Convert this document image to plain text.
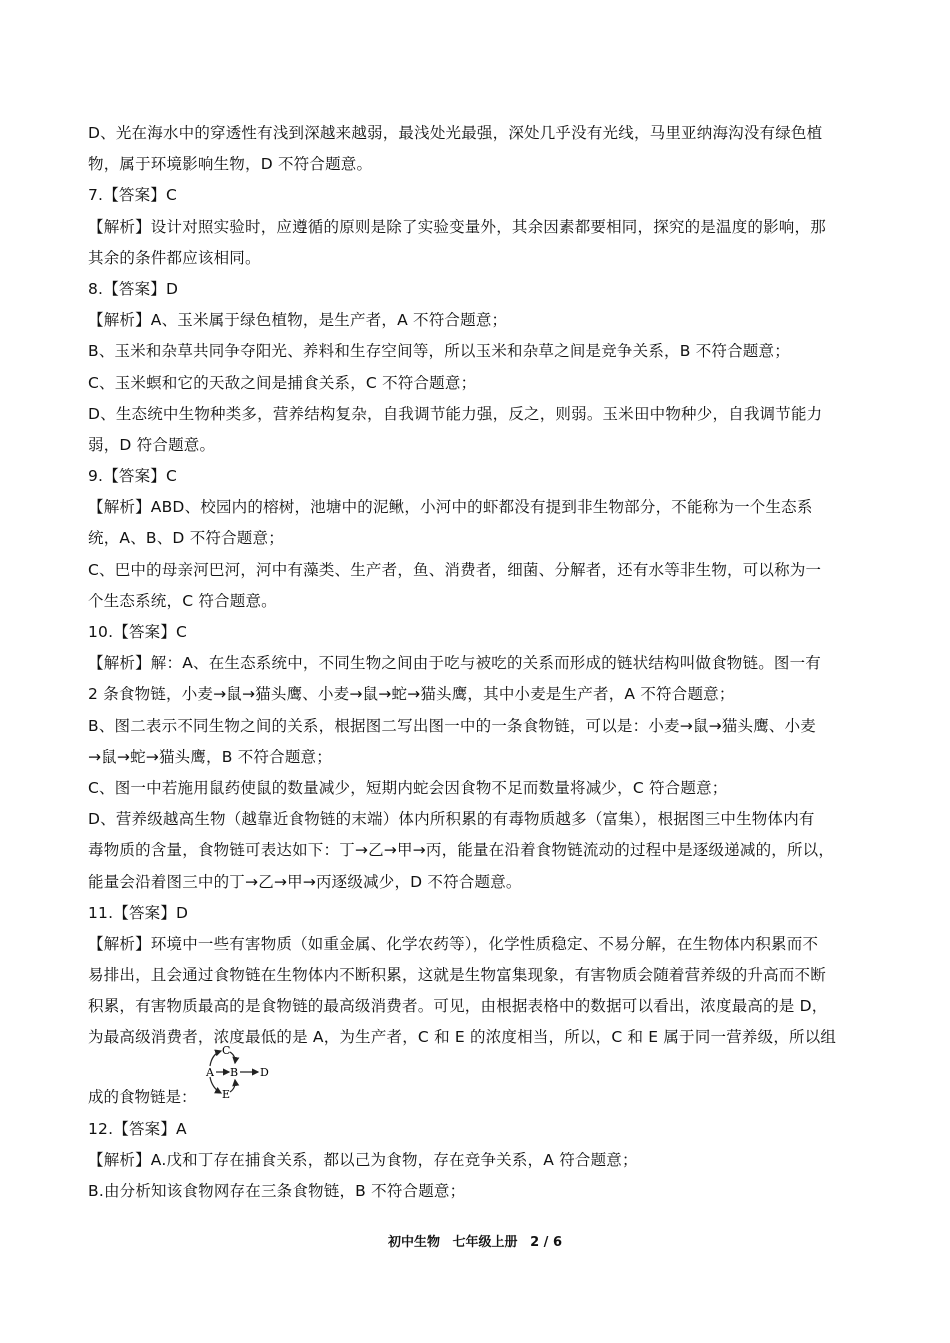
D、光在海水中的穿透性有浅到深越来越弱，最浅处光最强，深处几乎没有光线，马里亚纳海沟没有绿色植
物，属于环境影响生物，D 不符合题意。
7.【答案】C
【解析】设计对照实验时，应遵循的原则是除了实验变量外，其余因素都要相同，探究的是温度的影响，那
其余的条件都应该相同。
8.【答案】D
【解析】A、玉米属于绿色植物，是生产者，A 不符合题意；
B、玉米和杂草共同争夺阳光、养料和生存空间等，所以玉米和杂草之间是竞争关系，B 不符合题意；
C、玉米螟和它的天敌之间是捕食关系，C 不符合题意；
D、生态统中生物种类多，营养结构复杂，自我调节能力强，反之，则弱。玉米田中物种少，自我调节能力
弱，D 符合题意。
9.【答案】C
【解析】ABD、校园内的榕树，池塘中的泥鳅，小河中的虾都没有提到非生物部分，不能称为一个生态系
统，A、B、D 不符合题意；
C、巴中的母亲河巴河，河中有藻类、生产者，鱼、消费者，细菌、分解者，还有水等非生物，可以称为一
个生态系统，C 符合题意。
10.【答案】C
【解析】解：A、在生态系统中，不同生物之间由于吃与被吃的关系而形成的链状结构叫做食物链。图一有
2 条食物链，小麦→鼠→猫头鹰、小麦→鼠→蛇→猫头鹰，其中小麦是生产者，A 不符合题意；
B、图二表示不同生物之间的关系，根据图二写出图一中的一条食物链，可以是：小麦→鼠→猫头鹰、小麦
→鼠→蛇→猫头鹰，B 不符合题意；
C、图一中若施用鼠药使鼠的数量减少，短期内蛇会因食物不足而数量将减少，C 符合题意；
D、营养级越高生物（越靠近食物链的末端）体内所积累的有毒物质越多（富集），根据图三中生物体内有
毒物质的含量，食物链可表达如下：丁→乙→甲→丙，能量在沿着食物链流动的过程中是逐级递减的，所以，
能量会沿着图三中的丁→乙→甲→丙逐级减少，D 不符合题意。
11.【答案】D
【解析】环境中一些有害物质（如重金属、化学农药等），化学性质稳定、不易分解，在生物体内积累而不
易排出，且会通过食物链在生物体内不断积累，这就是生物富集现象，有害物质会随着营养级的升高而不断
积累，有害物质最高的是食物链的最高级消费者。可见，由根据表格中的数据可以看出，浓度最高的是 D，
为最高级消费者，浓度最低的是 A，为生产者，C 和 E 的浓度相当，所以，C 和 E 属于同一营养级，所以组
成的食物链是：
A B
C
D
E
12.【答案】A
【解析】A.戊和丁存在捕食关系，都以己为食物，存在竞争关系，A 符合题意；
B.由分析知该食物网存在三条食物链，B 不符合题意；
初中生物 七年级上册 2 / 6
